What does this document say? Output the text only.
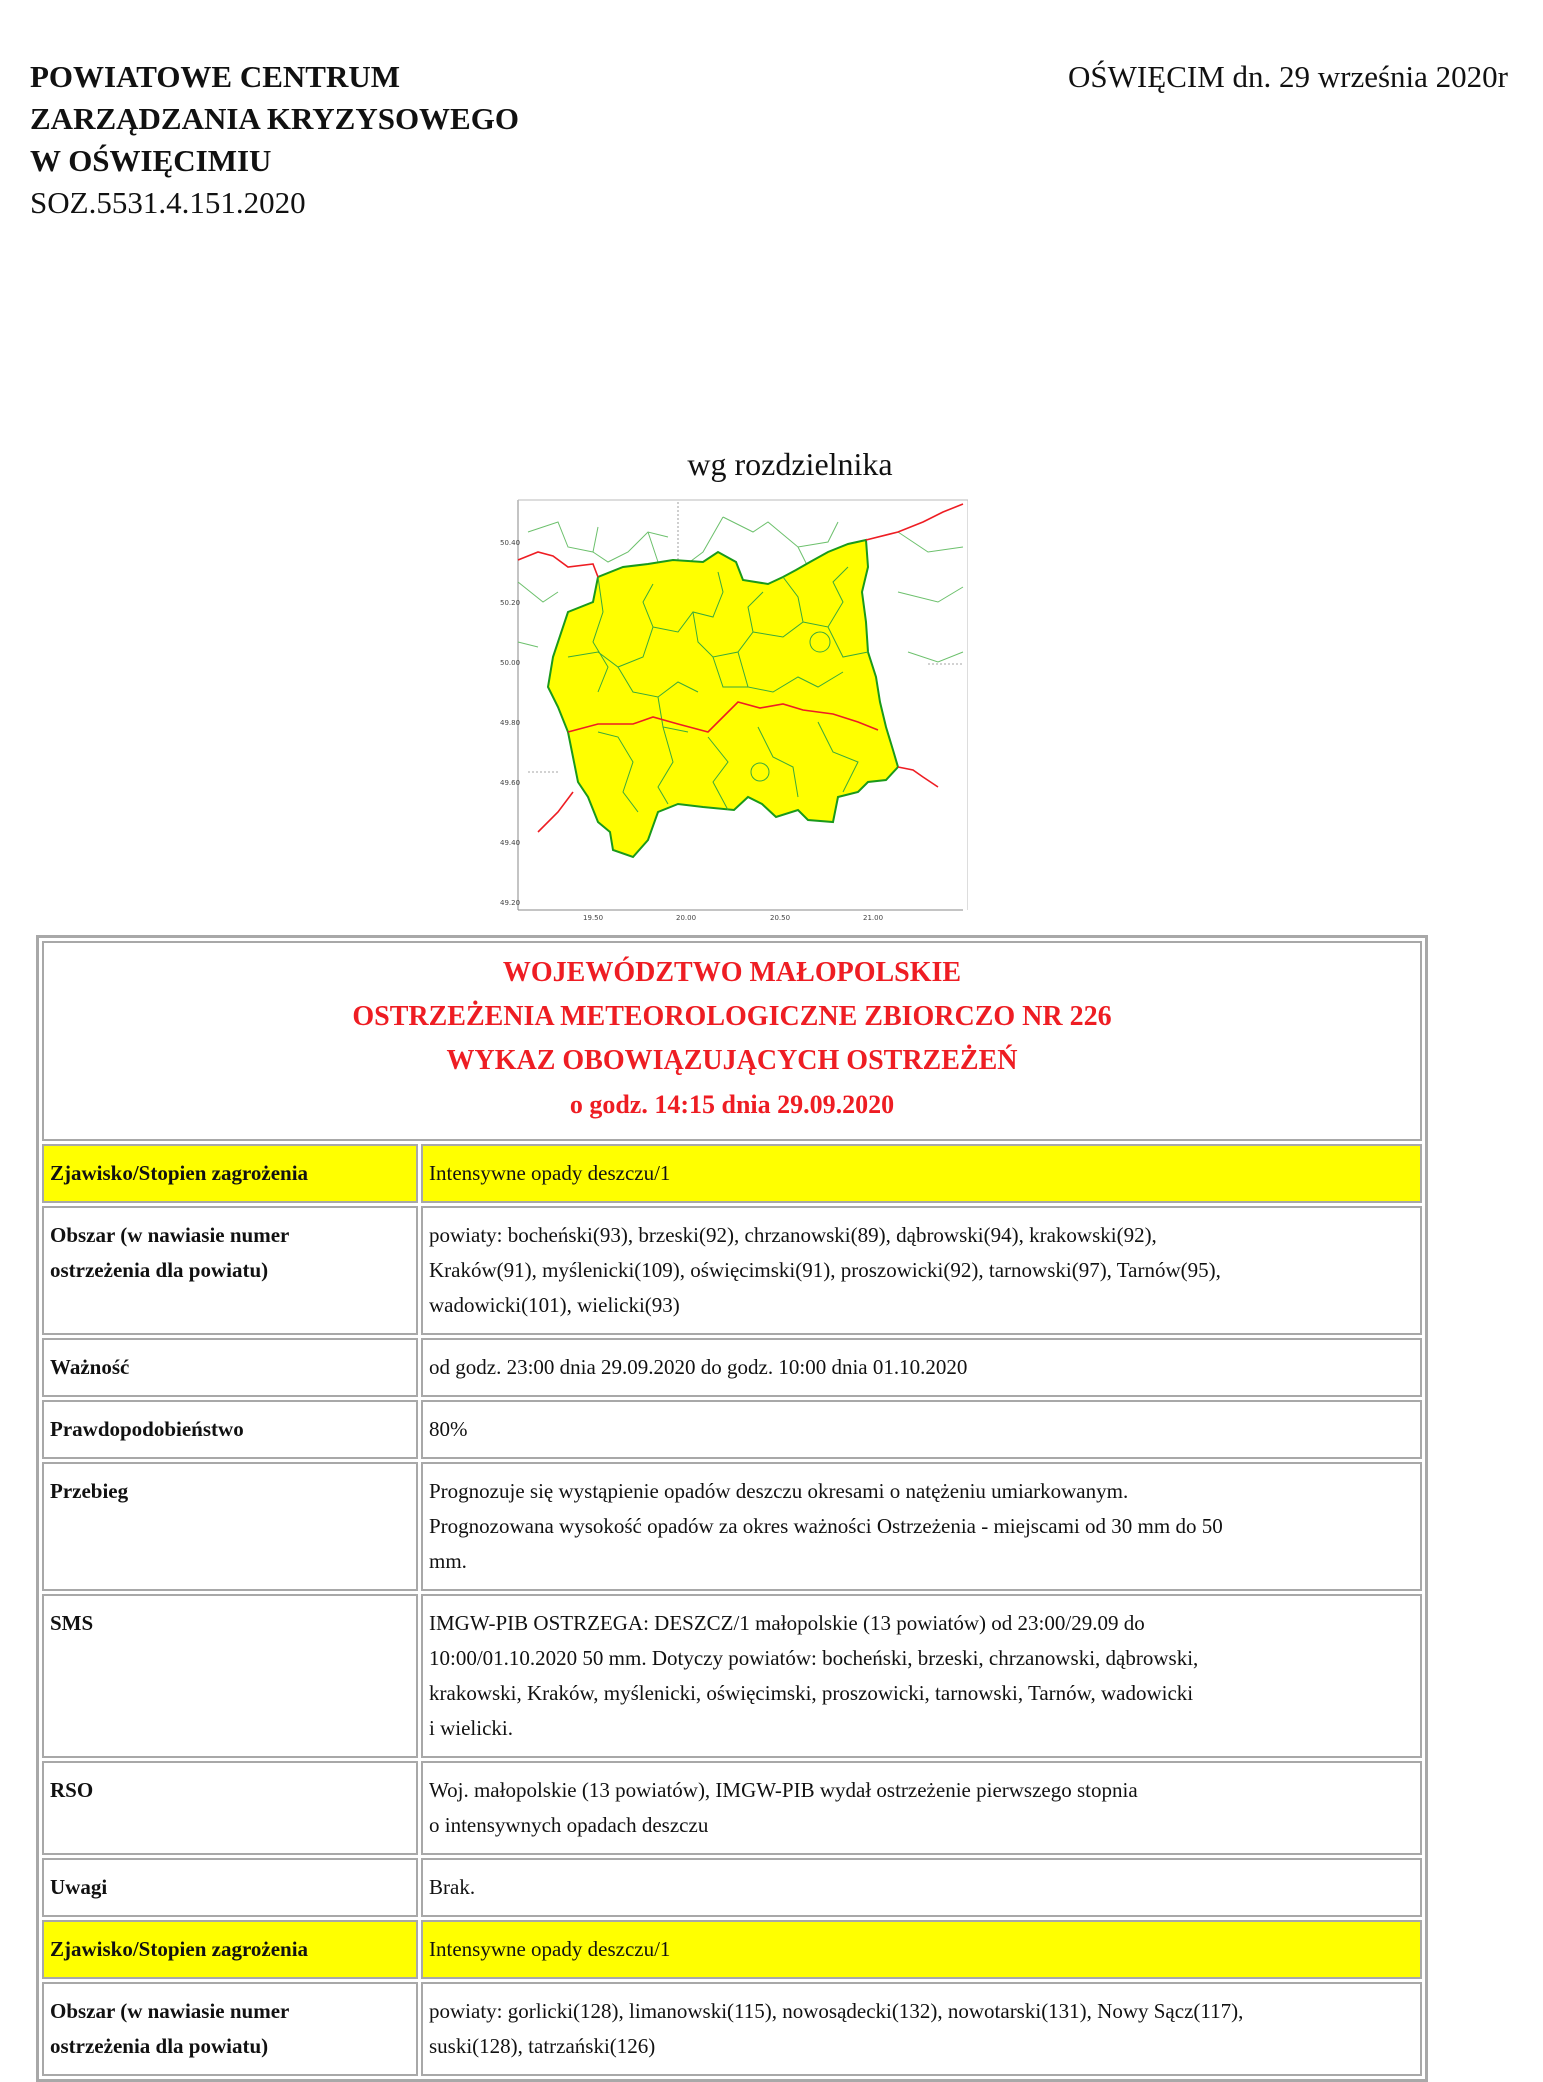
POWIATOWE CENTRUM
ZARZĄDZANIA KRYZYSOWEGO
W OŚWIĘCIMIU
SOZ.5531.4.151.2020
OŚWIĘCIM dn. 29 września 2020r
wg rozdzielnika
50.40
50.20
50.00
49.80
49.60
49.40
49.20
19.50	20.00	20.50	21.00
WOJEWÓDZTWO MAŁOPOLSKIE
OSTRZEŻENIA METEOROLOGICZNE ZBIORCZO NR 226
WYKAZ OBOWIĄZUJĄCYCH OSTRZEŻEŃ
o godz. 14:15 dnia 29.09.2020	

Zjawisko/Stopien zagrożenia	Intensywne opady deszczu/1

Obszar (w nawiasie numer
ostrzeżenia dla powiatu)	powiaty: bocheński(93), brzeski(92), chrzanowski(89), dąbrowski(94), krakowski(92),
Kraków(91), myślenicki(109), oświęcimski(91), proszowicki(92), tarnowski(97), Tarnów(95),
wadowicki(101), wielicki(93)

Ważność	od godz. 23:00 dnia 29.09.2020 do godz. 10:00 dnia 01.10.2020
Prawdopodobieństwo	80%
Przebieg	Prognozuje się wystąpienie opadów deszczu okresami o natężeniu umiarkowanym.
Prognozowana wysokość opadów za okres ważności Ostrzeżenia - miejscami od 30 mm do 50
mm.

SMS	IMGW-PIB OSTRZEGA: DESZCZ/1 małopolskie (13 powiatów) od 23:00/29.09 do
10:00/01.10.2020 50 mm. Dotyczy powiatów: bocheński, brzeski, chrzanowski, dąbrowski,
krakowski, Kraków, myślenicki, oświęcimski, proszowicki, tarnowski, Tarnów, wadowicki
i wielicki.

RSO	Woj. małopolskie (13 powiatów), IMGW-PIB wydał ostrzeżenie pierwszego stopnia
o intensywnych opadach deszczu

Uwagi	Brak.
Zjawisko/Stopien zagrożenia	Intensywne opady deszczu/1

Obszar (w nawiasie numer
ostrzeżenia dla powiatu)	powiaty: gorlicki(128), limanowski(115), nowosądecki(132), nowotarski(131), Nowy Sącz(117),
suski(128), tatrzański(126)
